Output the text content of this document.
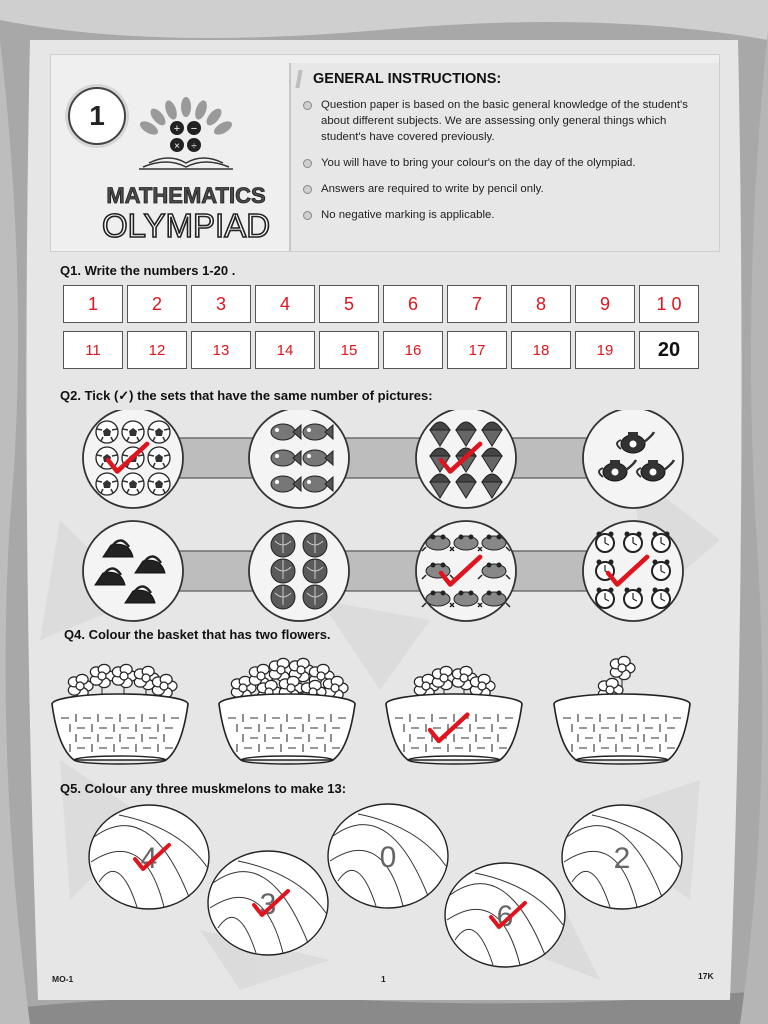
1	+ −
× ÷
MATHEMATICS
OLYMPIAD
GENERAL INSTRUCTIONS:
Question paper is based on the basic general knowledge of the student's about different subjects. We are assessing only general things which student's have covered previously.
You will have to bring your colour's on the day of the olympiad.
Answers are required to write by pencil only.
No negative marking is applicable.
Q1. Write the numbers 1-20 .
1	2	3	4	5	6	7	8	9	1 0
11	12	13	14	15	16	17	18	19	20
Q2. Tick (✓) the sets that have the same number of pictures:
Q4. Colour the basket that has two flowers.
Q5. Colour any three muskmelons to make 13:
4
3
0
6
2
MO-1	1	17K
